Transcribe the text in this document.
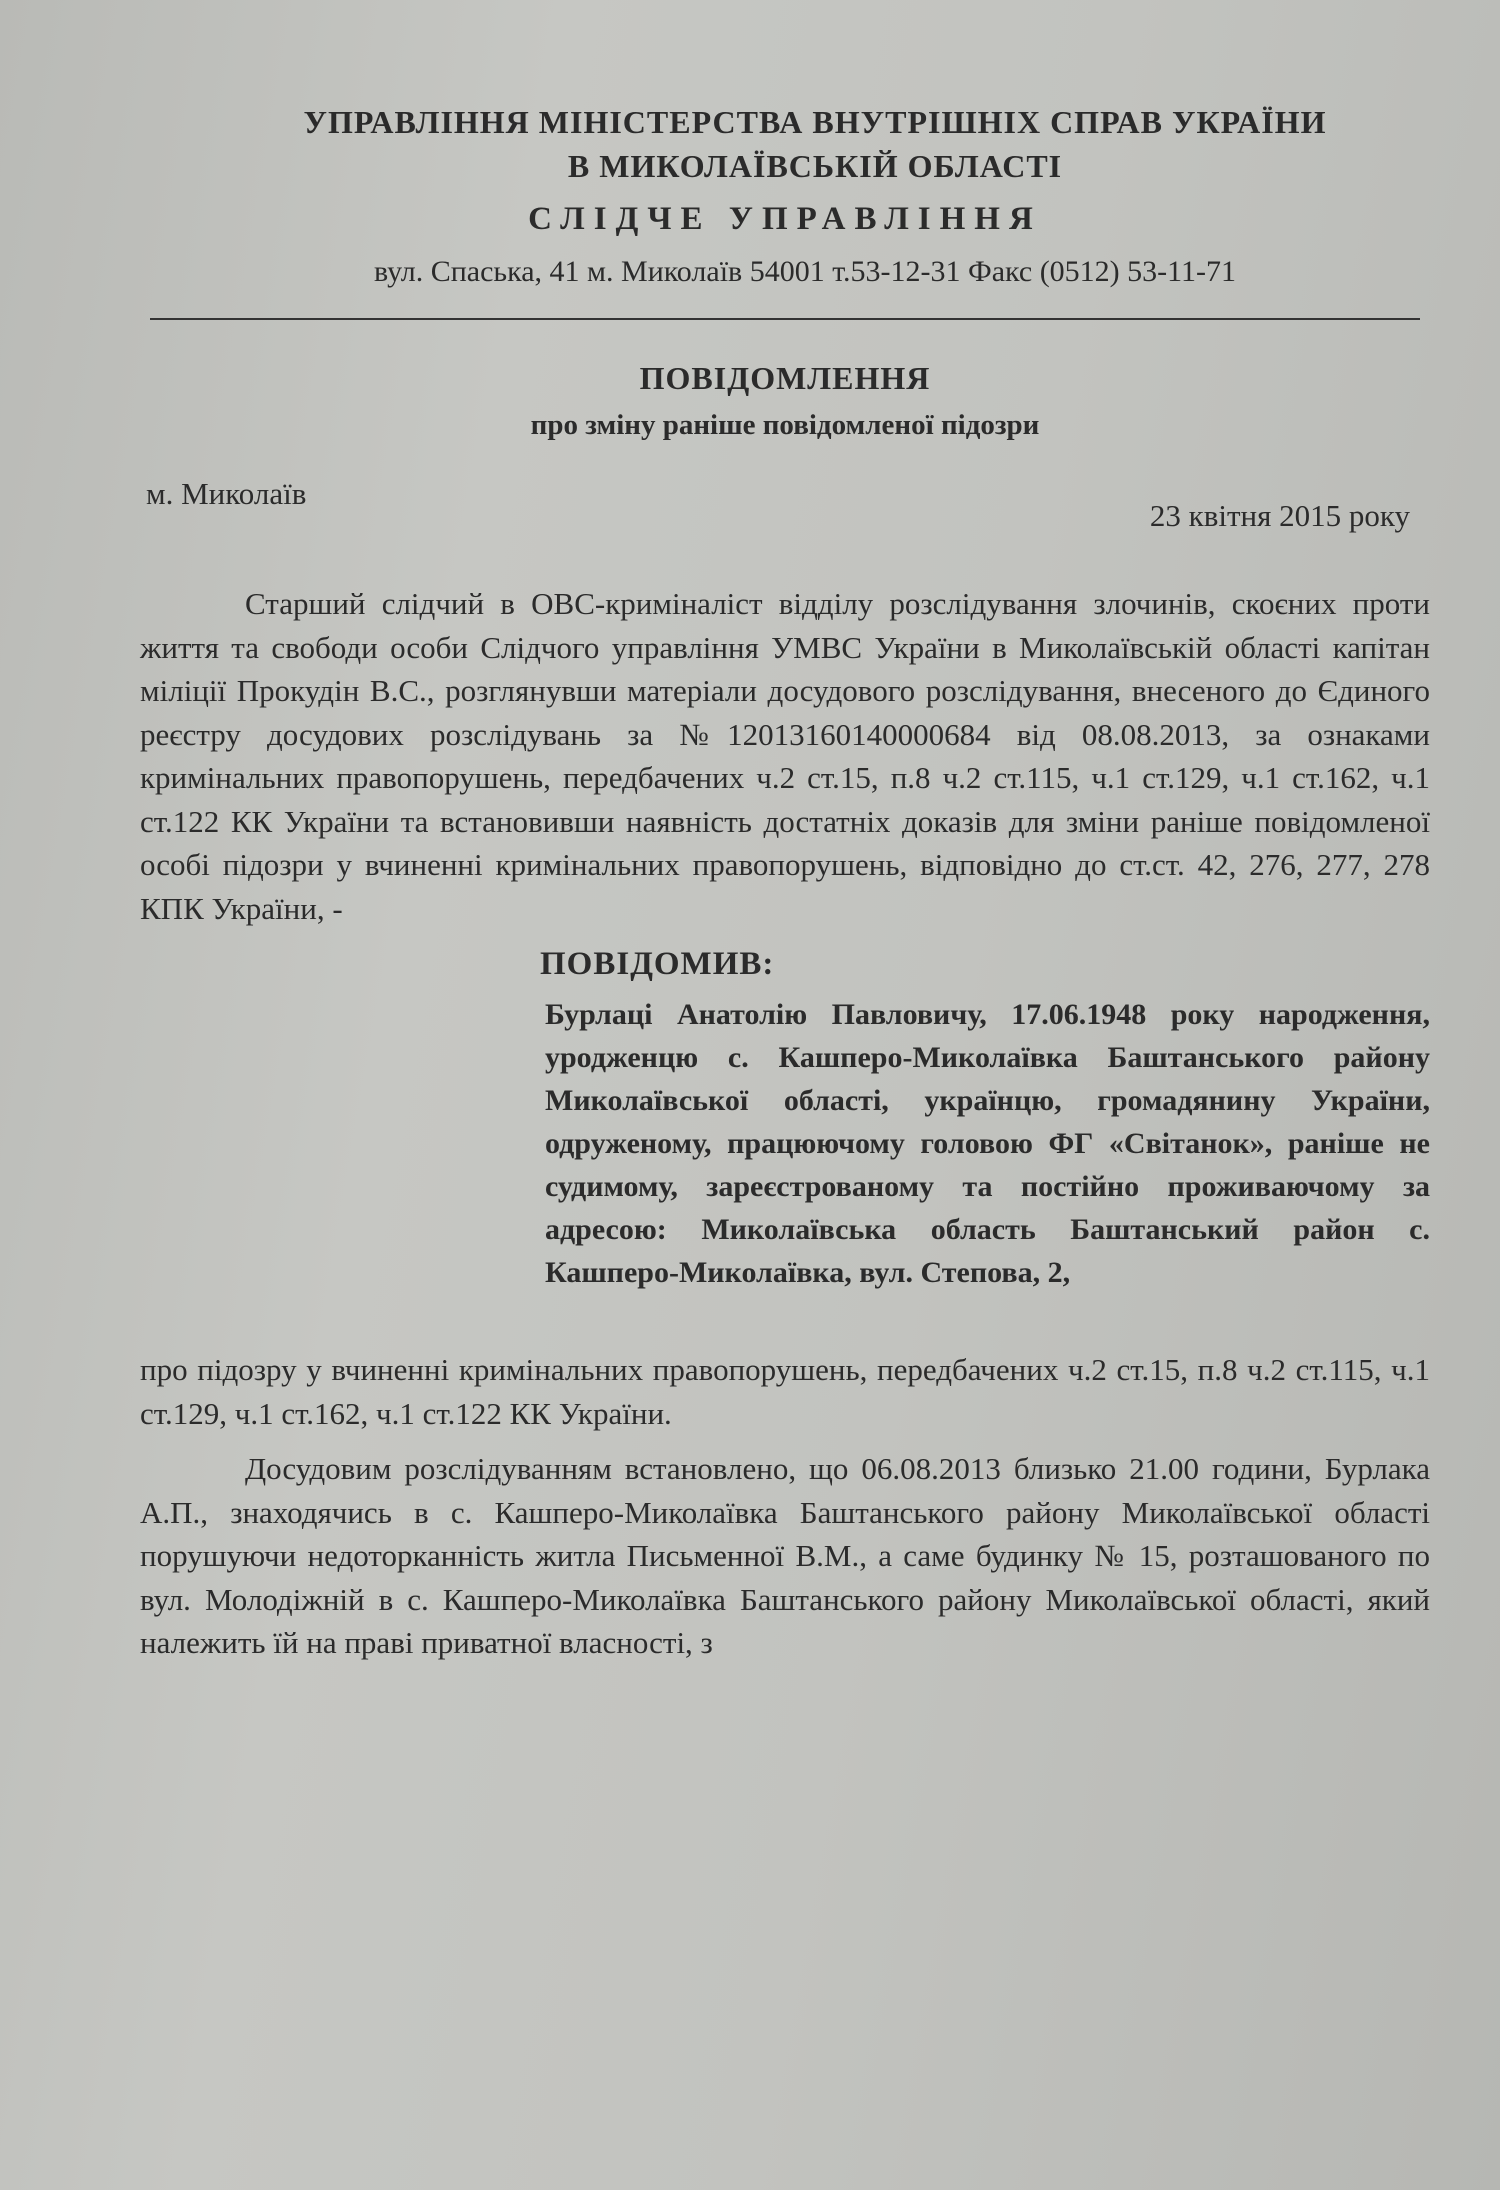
УПРАВЛІННЯ МІНІСТЕРСТВА ВНУТРІШНІХ СПРАВ УКРАЇНИ
В МИКОЛАЇВСЬКІЙ ОБЛАСТІ
СЛІДЧЕ УПРАВЛІННЯ
вул. Спаська, 41 м. Миколаїв 54001 т.53-12-31 Факс (0512) 53-11-71
ПОВІДОМЛЕННЯ
про зміну раніше повідомленої підозри
м. Миколаїв
23 квітня 2015 року
Старший слідчий в ОВС-криміналіст відділу розслідування злочинів, скоєних проти життя та свободи особи Слідчого управління УМВС України в Миколаївській області капітан міліції Прокудін В.С., розглянувши матеріали досудового розслідування, внесеного до Єдиного реєстру досудових розслідувань за №12013160140000684 від 08.08.2013, за ознаками кримінальних правопорушень, передбачених ч.2 ст.15, п.8 ч.2 ст.115, ч.1 ст.129, ч.1 ст.162, ч.1 ст.122 КК України та встановивши наявність достатніх доказів для зміни раніше повідомленої особі підозри у вчиненні кримінальних правопорушень, відповідно до ст.ст. 42, 276, 277, 278 КПК України, -
ПОВІДОМИВ:
Бурлаці Анатолію Павловичу, 17.06.1948 року народження, уродженцю с. Кашперо-Миколаївка Баштанського району Миколаївської області, українцю, громадянину України, одруженому, працюючому головою ФГ «Світанок», раніше не судимому, зареєстрованому та постійно проживаючому за адресою: Миколаївська область Баштанський район с. Кашперо-Миколаївка, вул. Степова, 2,
про підозру у вчиненні кримінальних правопорушень, передбачених ч.2 ст.15, п.8 ч.2 ст.115, ч.1 ст.129, ч.1 ст.162, ч.1 ст.122 КК України.
Досудовим розслідуванням встановлено, що 06.08.2013 близько 21.00 години, Бурлака А.П., знаходячись в с. Кашперо-Миколаївка Баштанського району Миколаївської області порушуючи недоторканність житла Письменної В.М., а саме будинку № 15, розташованого по вул. Молодіжній в с. Кашперо-Миколаївка Баштанського району Миколаївської області, який належить їй на праві приватної власності, з
